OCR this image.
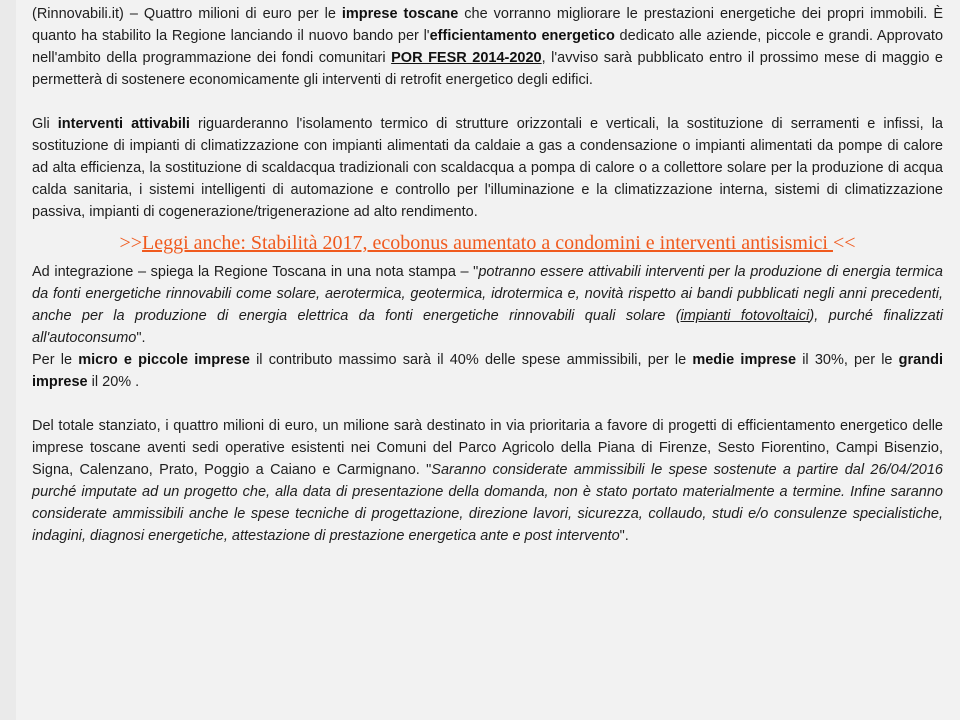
(Rinnovabili.it) – Quattro milioni di euro per le imprese toscane che vorranno migliorare le prestazioni energetiche dei propri immobili. È quanto ha stabilito la Regione lanciando il nuovo bando per l'efficientamento energetico dedicato alle aziende, piccole e grandi. Approvato nell'ambito della programmazione dei fondi comunitari POR FESR 2014-2020, l'avviso sarà pubblicato entro il prossimo mese di maggio e permetterà di sostenere economicamente gli interventi di retrofit energetico degli edifici.

Gli interventi attivabili riguarderanno l'isolamento termico di strutture orizzontali e verticali, la sostituzione di serramenti e infissi, la sostituzione di impianti di climatizzazione con impianti alimentati da caldaie a gas a condensazione o impianti alimentati da pompe di calore ad alta efficienza, la sostituzione di scaldacqua tradizionali con scaldacqua a pompa di calore o a collettore solare per la produzione di acqua calda sanitaria, i sistemi intelligenti di automazione e controllo per l'illuminazione e la climatizzazione interna, sistemi di climatizzazione passiva, impianti di cogenerazione/trigenerazione ad alto rendimento.

>>Leggi anche: Stabilità 2017, ecobonus aumentato a condomini e interventi antisismici <<

Ad integrazione – spiega la Regione Toscana in una nota stampa – "potranno essere attivabili interventi per la produzione di energia termica da fonti energetiche rinnovabili come solare, aerotermica, geotermica, idrotermica e, novità rispetto ai bandi pubblicati negli anni precedenti, anche per la produzione di energia elettrica da fonti energetiche rinnovabili quali solare (impianti fotovoltaici), purché finalizzati all'autoconsumo".

Per le micro e piccole imprese il contributo massimo sarà il 40% delle spese ammissibili, per le medie imprese il 30%, per le grandi imprese il 20% .

Del totale stanziato, i quattro milioni di euro, un milione sarà destinato in via prioritaria a favore di progetti di efficientamento energetico delle imprese toscane aventi sedi operative esistenti nei Comuni del Parco Agricolo della Piana di Firenze, Sesto Fiorentino, Campi Bisenzio, Signa, Calenzano, Prato, Poggio a Caiano e Carmignano. "Saranno considerate ammissibili le spese sostenute a partire dal 26/04/2016 purché imputate ad un progetto che, alla data di presentazione della domanda, non è stato portato materialmente a termine. Infine saranno considerate ammissibili anche le spese tecniche di progettazione, direzione lavori, sicurezza, collaudo, studi e/o consulenze specialistiche, indagini, diagnosi energetiche, attestazione di prestazione energetica ante e post intervento".
